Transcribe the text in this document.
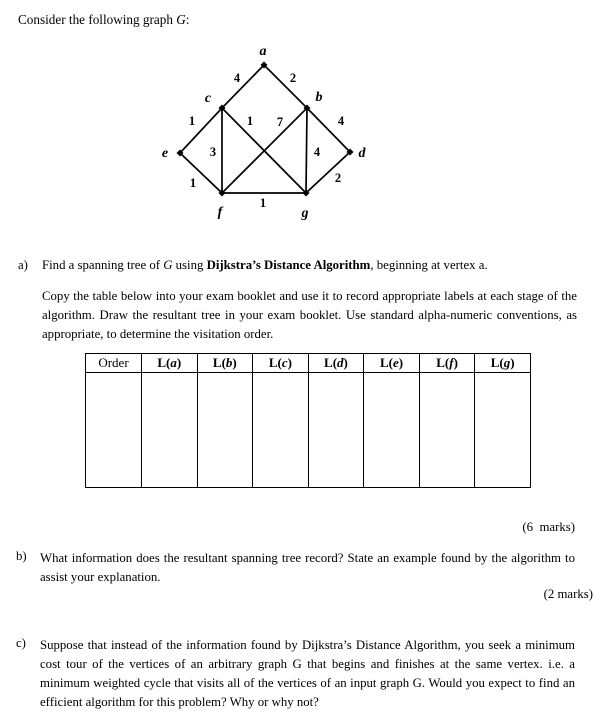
Consider the following graph G:
4	2
1	1 7	4
3	4
1	2
1
a
c	b
e	d
f	g
a)	Find a spanning tree of G using Dijkstra’s Distance Algorithm, beginning at vertex a.
Copy the table below into your exam booklet and use it to record appropriate labels at each stage of the algorithm. Draw the resultant tree in your exam booklet. Use standard alpha-numeric conventions, as appropriate, to determine the visitation order.
Order	L(a)	L(b)	L(c)	L(d)	L(e)	L(f)	L(g)

(6  marks)
b)	What information does the resultant spanning tree record? State an example found by the algorithm to assist your explanation.
(2 marks)
c)	Suppose that instead of the information found by Dijkstra’s Distance Algorithm, you seek a minimum cost tour of the vertices of an arbitrary graph G that begins and finishes at the same vertex. i.e. a minimum weighted cycle that visits all of the vertices of an input graph G. Would you expect to find an efficient algorithm for this problem? Why or why not?
